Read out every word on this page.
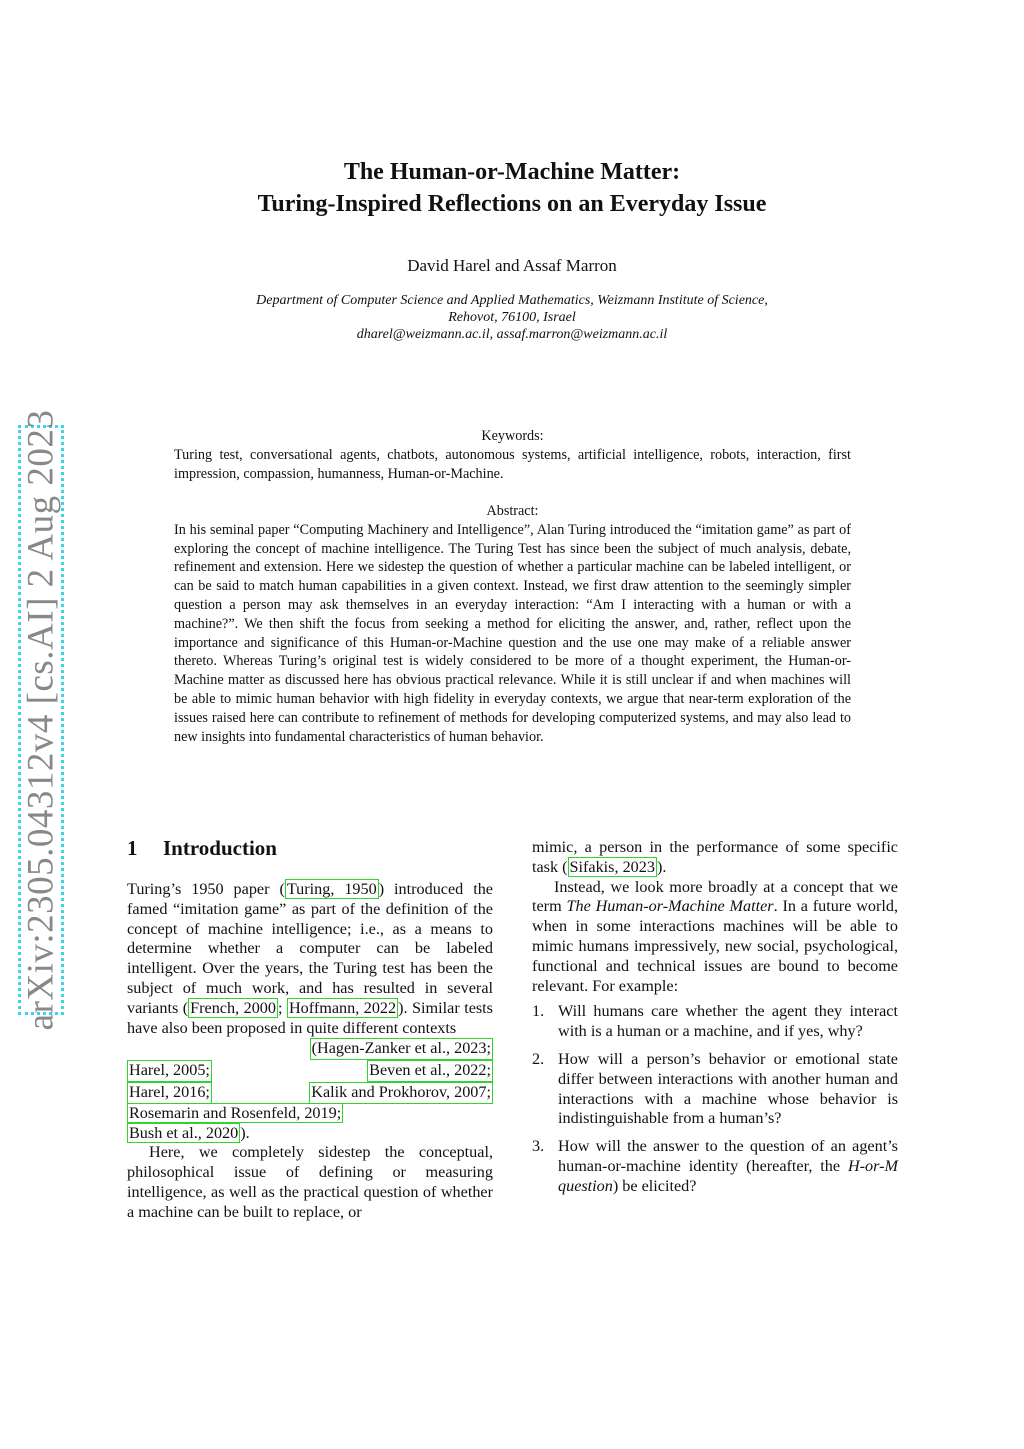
arXiv:2305.04312v4 [cs.AI] 2 Aug 2023
The Human-or-Machine Matter:
Turing-Inspired Reflections on an Everyday Issue
David Harel and Assaf Marron
Department of Computer Science and Applied Mathematics, Weizmann Institute of Science,
Rehovot, 76100, Israel
dharel@weizmann.ac.il, assaf.marron@weizmann.ac.il
Keywords:
Turing test, conversational agents, chatbots, autonomous systems, artificial intelligence, robots, interaction, first impression, compassion, humanness, Human-or-Machine.
Abstract:
In his seminal paper “Computing Machinery and Intelligence”, Alan Turing introduced the “imitation game” as part of exploring the concept of machine intelligence. The Turing Test has since been the subject of much analysis, debate, refinement and extension. Here we sidestep the question of whether a particular machine can be labeled intelligent, or can be said to match human capabilities in a given context. Instead, we first draw attention to the seemingly simpler question a person may ask themselves in an everyday interaction: “Am I interacting with a human or with a machine?”. We then shift the focus from seeking a method for eliciting the answer, and, rather, reflect upon the importance and significance of this Human-or-Machine question and the use one may make of a reliable answer thereto. Whereas Turing’s original test is widely considered to be more of a thought experiment, the Human-or-Machine matter as discussed here has obvious practical relevance. While it is still unclear if and when machines will be able to mimic human behavior with high fidelity in everyday contexts, we argue that near-term exploration of the issues raised here can contribute to refinement of methods for developing computerized systems, and may also lead to new insights into fundamental characteristics of human behavior.
1 Introduction

Turing’s 1950 paper ( Turing, 1950 ) introduced the famed “imitation game” as part of the definition of the concept of machine intelligence; i.e., as a means to determine whether a computer can be labeled intelligent. Over the years, the Turing test has been the subject of much work, and has resulted in several variants ( French, 2000 ; Hoffmann, 2022 ). Similar tests have also been proposed in quite different contexts

(Hagen-Zanker et al., 2023;
Harel, 2005;	Beven et al., 2022;
Harel, 2016;	Kalik and Prokhorov, 2007;
Rosemarin and Rosenfeld, 2019;
Bush et al., 2020 ).

Here, we completely sidestep the conceptual, philosophical issue of defining or measuring intelligence, as well as the practical question of whether a machine can be built to replace, or

mimic, a person in the performance of some specific task ( Sifakis, 2023 ).

Instead, we look more broadly at a concept that we term The Human-or-Machine Matter. In a future world, when in some interactions machines will be able to mimic humans impressively, new social, psychological, functional and technical issues are bound to become relevant. For example:

1. Will humans care whether the agent they interact with is a human or a machine, and if yes, why?
2. How will a person’s behavior or emotional state differ between interactions with another human and interactions with a machine whose behavior is indistinguishable from a human’s?
3. How will the answer to the question of an agent’s human-or-machine identity (hereafter, the H-or-M question) be elicited?
